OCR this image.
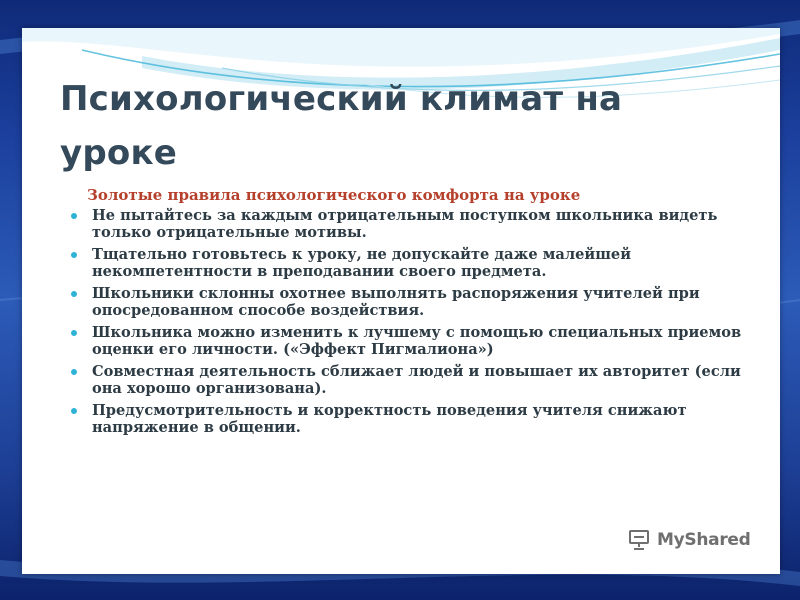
Психологический климат на уроке

Золотые правила психологического комфорта на уроке

Не пытайтесь за каждым отрицательным поступком школьника видеть только отрицательные мотивы.
Тщательно готовьтесь к уроку, не допускайте даже малейшей некомпетентности в преподавании своего предмета.
Школьники склонны охотнее выполнять распоряжения учителей при опосредованном способе воздействия.
Школьника можно изменить к лучшему с помощью специальных приемов оценки его личности. («Эффект Пигмалиона»)
Совместная деятельность сближает людей и повышает их авторитет (если она хорошо организована).
Предусмотрительность и корректность поведения учителя снижают напряжение в общении.
MyShared
